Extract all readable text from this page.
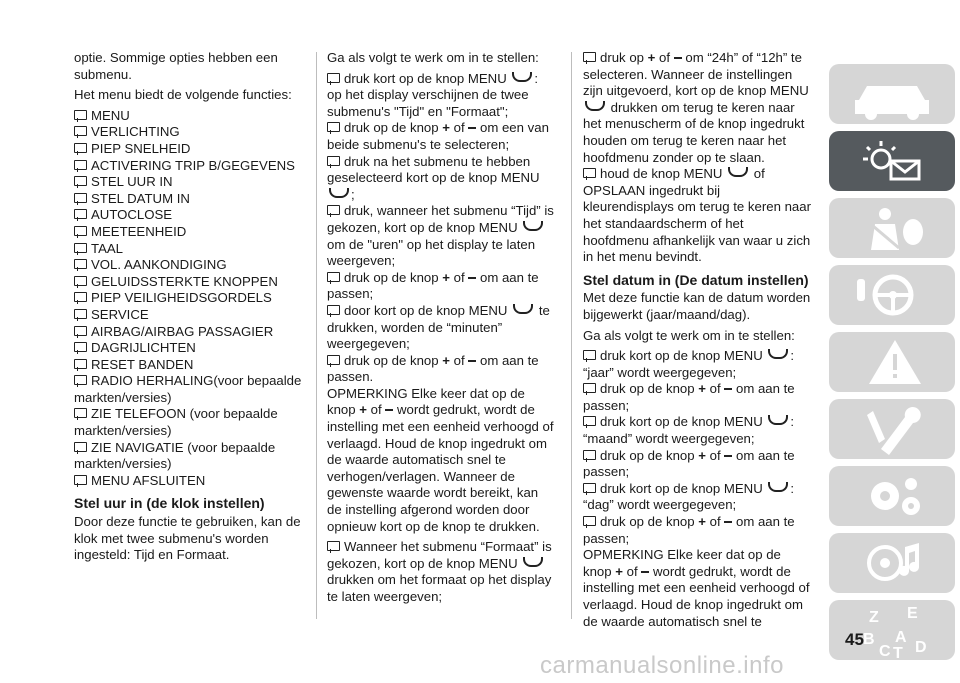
optie. Sommige opties hebben een submenu.

Het menu biedt de volgende functies:

MENU
VERLICHTING
PIEP SNELHEID
ACTIVERING TRIP B/GEGEVENS
STEL UUR IN
STEL DATUM IN
AUTOCLOSE
MEETEENHEID
TAAL
VOL. AANKONDIGING
GELUIDSSTERKTE KNOPPEN
PIEP VEILIGHEIDSGORDELS
SERVICE
AIRBAG/AIRBAG PASSAGIER
DAGRIJLICHTEN
RESET BANDEN
RADIO HERHALING(voor bepaalde markten/versies)
ZIE TELEFOON (voor bepaalde markten/versies)
ZIE NAVIGATIE (voor bepaalde markten/versies)
MENU AFSLUITEN
Stel uur in (de klok instellen)

Door deze functie te gebruiken, kan de klok met twee submenu's worden ingesteld: Tijd en Formaat.

Ga als volgt te werk om in te stellen:

druk kort op de knop MENU : op het display verschijnen de twee submenu's "Tijd" en "Formaat";
druk op de knop + of om een van beide submenu's te selecteren;
druk na het submenu te hebben geselecteerd kort op de knop MENU ;
druk, wanneer het submenu “Tijd” is gekozen, kort op de knop MENU  om de "uren" op het display te laten weergeven;
druk op de knop + of om aan te passen;
door kort op de knop MENU te drukken, worden de “minuten” weergegeven;
druk op de knop + of om aan te passen.

OPMERKING Elke keer dat op de knop + of wordt gedrukt, wordt de instelling met een eenheid verhoogd of verlaagd. Houd de knop ingedrukt om de waarde automatisch snel te verhogen/verlagen. Wanneer de gewenste waarde wordt bereikt, kan de instelling afgerond worden door opnieuw kort op de knop te drukken.

Wanneer het submenu “Formaat” is gekozen, kort op de knop MENU  drukken om het formaat op het display te laten weergeven;
druk op + of om “24h” of “12h” te selecteren. Wanneer de instellingen zijn uitgevoerd, kort op de knop MENU  drukken om terug te keren naar het menuscherm of de knop ingedrukt houden om terug te keren naar het hoofdmenu zonder op te slaan.
houd de knop MENU of OPSLAAN ingedrukt bij kleurendisplays om terug te keren naar het standaardscherm of het hoofdmenu afhankelijk van waar u zich in het menu bevindt.
Stel datum in (De datum instellen)

Met deze functie kan de datum worden bijgewerkt (jaar/maand/dag).

Ga als volgt te werk om in te stellen:

druk kort op de knop MENU : “jaar” wordt weergegeven;
druk op de knop + of om aan te passen;
druk kort op de knop MENU : “maand” wordt weergegeven;
druk op de knop + of om aan te passen;
druk kort op de knop MENU : “dag” wordt weergegeven;
druk op de knop + of om aan te passen;

OPMERKING Elke keer dat op de knop + of wordt gedrukt, wordt de instelling met een eenheid verhoogd of verlaagd. Houd de knop ingedrukt om de waarde automatisch snel te	Z E
B A
C T D
45
carmanualsonline.info
